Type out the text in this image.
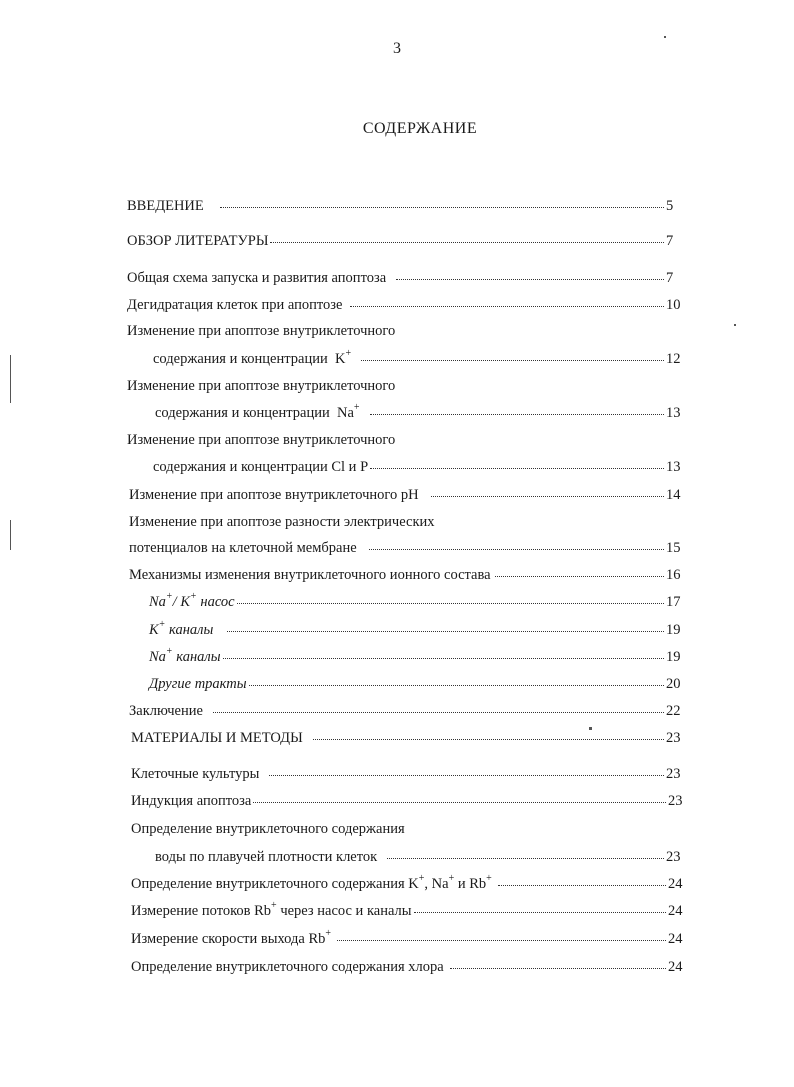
3
СОДЕРЖАНИЕ
ВВЕДЕНИЕ	5
ОБЗОР ЛИТЕРАТУРЫ	7
Общая схема запуска и развития апоптоза	7
Дегидратация клеток при апоптозе	10
Изменение при апоптозе внутриклеточного
содержания и концентрации K+	12
Изменение при апоптозе внутриклеточного
содержания и концентрации Na+	13
Изменение при апоптозе внутриклеточного
содержания и концентрации Cl и P	13
Изменение при апоптозе внутриклеточного pH	14
Изменение при апоптозе разности электрических
потенциалов на клеточной мембране	15
Механизмы изменения внутриклеточного ионного состава	16
Na+/ K+ насос	17
K+ каналы	19
Na+ каналы	19
Другие тракты	20
Заключение	22
МАТЕРИАЛЫ И МЕТОДЫ	23
Клеточные культуры	23
Индукция апоптоза	23
Определение внутриклеточного содержания
воды по плавучей плотности клеток	23
Определение внутриклеточного содержания K+, Na+ и Rb+	24
Измерение потоков Rb+ через насос и каналы	24
Измерение скорости выхода Rb+	24
Определение внутриклеточного содержания хлора	24
